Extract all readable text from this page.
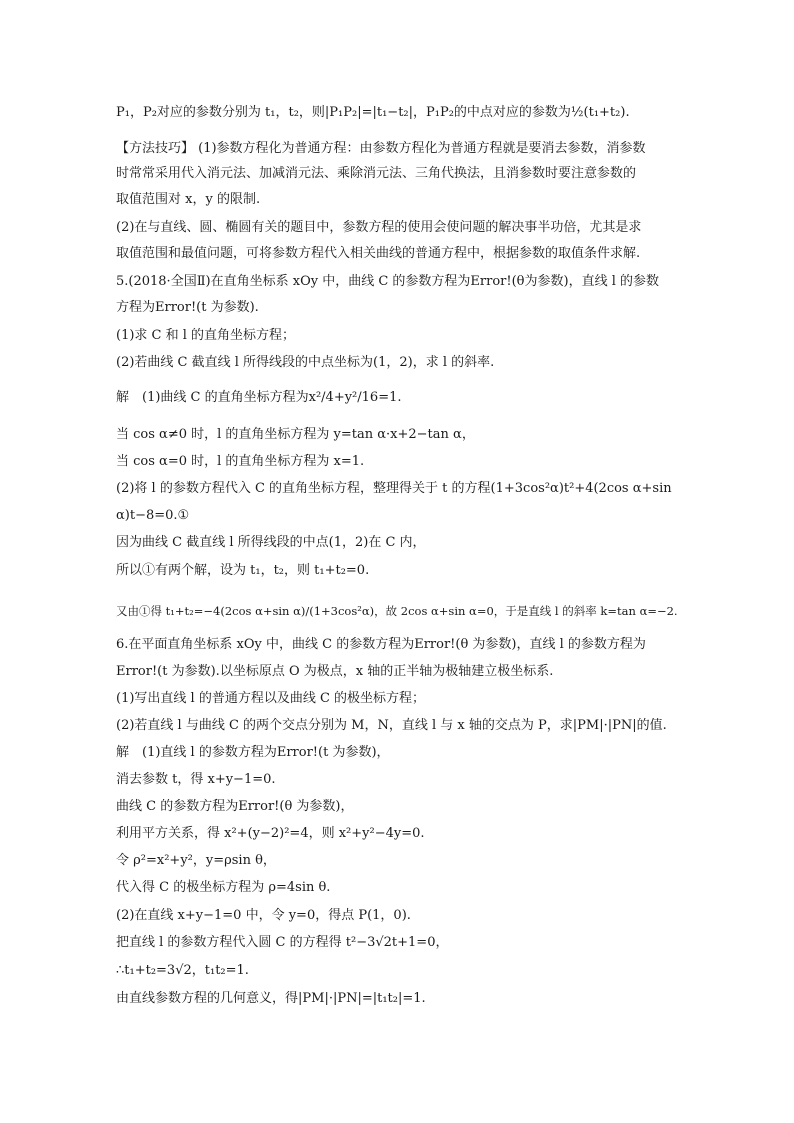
P₁，P₂对应的参数分别为 t₁，t₂，则|P₁P₂|=|t₁−t₂|，P₁P₂的中点对应的参数为½(t₁+t₂).
【方法技巧】 (1)参数方程化为普通方程：由参数方程化为普通方程就是要消去参数，消参数
时常常采用代入消元法、加减消元法、乘除消元法、三角代换法，且消参数时要注意参数的
取值范围对 x，y 的限制.
(2)在与直线、圆、椭圆有关的题目中，参数方程的使用会使问题的解决事半功倍，尤其是求
取值范围和最值问题，可将参数方程代入相关曲线的普通方程中，根据参数的取值条件求解.
5.(2018·全国Ⅱ)在直角坐标系 xOy 中，曲线 C 的参数方程为Error!(θ为参数)，直线 l 的参数
方程为Error!(t 为参数).
(1)求 C 和 l 的直角坐标方程；
(2)若曲线 C 截直线 l 所得线段的中点坐标为(1，2)，求 l 的斜率.
解　(1)曲线 C 的直角坐标方程为x²/4+y²/16=1.
当 cos α≠0 时，l 的直角坐标方程为 y=tan α·x+2−tan α，
当 cos α=0 时，l 的直角坐标方程为 x=1.
(2)将 l 的参数方程代入 C 的直角坐标方程，整理得关于 t 的方程(1+3cos²α)t²+4(2cos α+sin
α)t−8=0.①
因为曲线 C 截直线 l 所得线段的中点(1，2)在 C 内，
所以①有两个解，设为 t₁，t₂，则 t₁+t₂=0.
又由①得 t₁+t₂=−4(2cos α+sin α)/(1+3cos²α)，故 2cos α+sin α=0，于是直线 l 的斜率 k=tan α=−2.
6.在平面直角坐标系 xOy 中，曲线 C 的参数方程为Error!(θ 为参数)，直线 l 的参数方程为
Error!(t 为参数).以坐标原点 O 为极点，x 轴的正半轴为极轴建立极坐标系.
(1)写出直线 l 的普通方程以及曲线 C 的极坐标方程；
(2)若直线 l 与曲线 C 的两个交点分别为 M，N，直线 l 与 x 轴的交点为 P，求|PM|·|PN|的值.
解　(1)直线 l 的参数方程为Error!(t 为参数)，
消去参数 t，得 x+y−1=0.
曲线 C 的参数方程为Error!(θ 为参数)，
利用平方关系，得 x²+(y−2)²=4，则 x²+y²−4y=0.
令 ρ²=x²+y²，y=ρsin θ，
代入得 C 的极坐标方程为 ρ=4sin θ.
(2)在直线 x+y−1=0 中，令 y=0，得点 P(1，0).
把直线 l 的参数方程代入圆 C 的方程得 t²−3√2t+1=0，
∴t₁+t₂=3√2，t₁t₂=1.
由直线参数方程的几何意义，得|PM|·|PN|=|t₁t₂|=1.
